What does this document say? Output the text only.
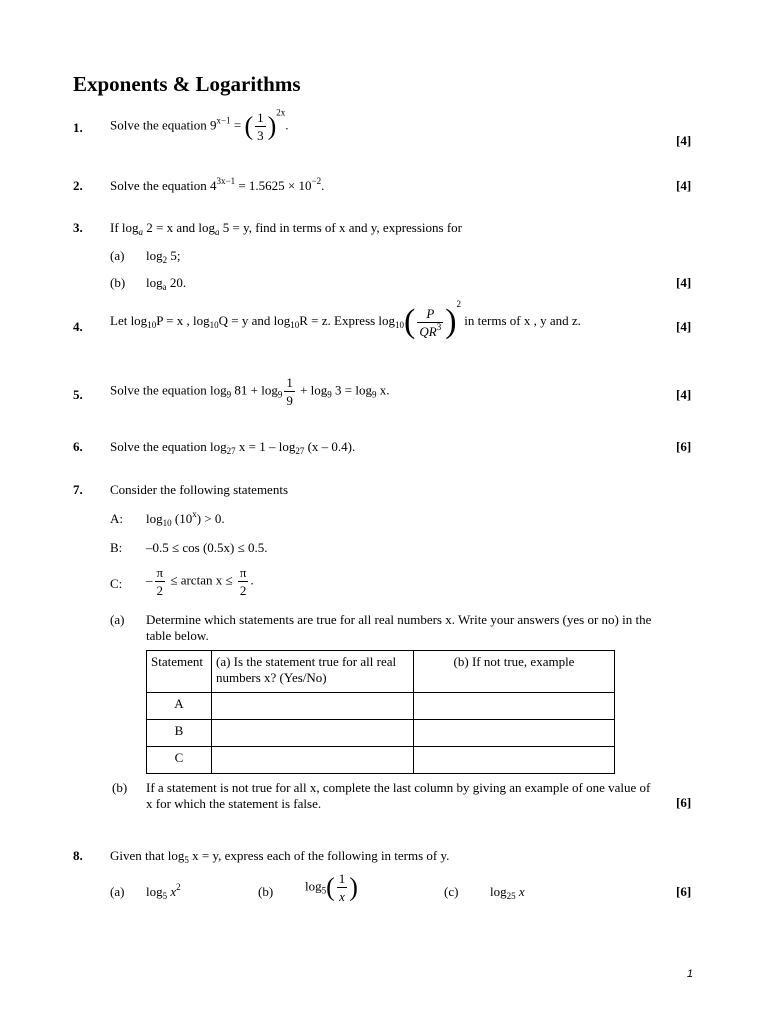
Exponents & Logarithms
1. Solve the equation $9^{x-1}$ = ( $\frac{1}{3} )^{2x}$.
[4]
2. Solve the equation $4^{3x-1} = 1.5625 \times 10^{-2}$.	[4]
3. If $\log_a 2 = x$ and $\log_a 5 = y$, find in terms of x and y, expressions for
(a) $\log_2 5$;
(b) $\log_a 20$.	[4]
4. Let $\log_{10}P = x$ , $\log_{10}Q = y$ and $\log_{10}R = z$. Express $\log_{10}( \frac{P}{QR^3} )^2$ in terms of x , y and z.	[4]
5. Solve the equation $\log_9 81 + \log_9 \frac{1}{9} + \log_9 3 = \log_9 x$.	[4]
6. Solve the equation $\log_{27} x = 1 - \log_{27} (x - 0.4)$.	[6]
7. Consider the following statements
A: $\log_{10} (10^x) > 0$.
B: –0.5 ≤ cos (0.5x) ≤ 0.5.
C: – $\frac{\pi}{2} \le \arctan x \le \frac{\pi}{2}$ .
(a) Determine which statements are true for all real numbers x. Write your answers (yes or no) in the table below.
Statement	(a) Is the statement true for all real numbers x? (Yes/No)	(b) If not true, example
A		
B		
C		
(b) If a statement is not true for all x, complete the last column by giving an example of one value of x for which the statement is false.	[6]
8. Given that $\log_5 x = y$, express each of the following in terms of y.
(a) $\log_5 x^2$	(b) $\log_5( \frac{1}{x}$ )	(c) $\log_{25} x$	[6]
1
